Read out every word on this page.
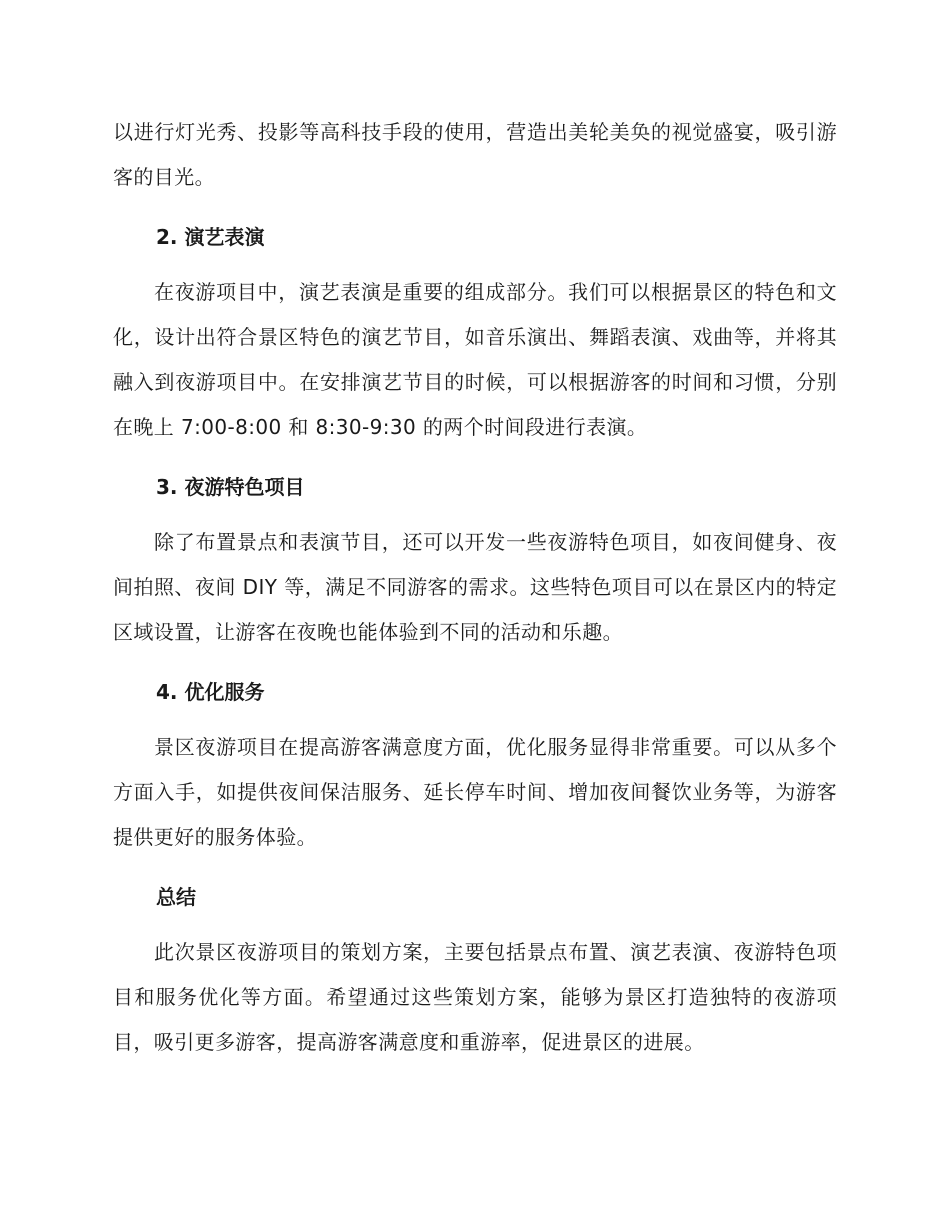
以进行灯光秀、投影等高科技手段的使用，营造出美轮美奂的视觉盛宴，吸引游客的目光。

2. 演艺表演

在夜游项目中，演艺表演是重要的组成部分。我们可以根据景区的特色和文化，设计出符合景区特色的演艺节目，如音乐演出、舞蹈表演、戏曲等，并将其融入到夜游项目中。在安排演艺节目的时候，可以根据游客的时间和习惯，分别在晚上 7:00-8:00 和 8:30-9:30 的两个时间段进行表演。

3. 夜游特色项目

除了布置景点和表演节目，还可以开发一些夜游特色项目，如夜间健身、夜间拍照、夜间 DIY 等，满足不同游客的需求。这些特色项目可以在景区内的特定区域设置，让游客在夜晚也能体验到不同的活动和乐趣。

4. 优化服务

景区夜游项目在提高游客满意度方面，优化服务显得非常重要。可以从多个方面入手，如提供夜间保洁服务、延长停车时间、增加夜间餐饮业务等，为游客提供更好的服务体验。

总结

此次景区夜游项目的策划方案，主要包括景点布置、演艺表演、夜游特色项目和服务优化等方面。希望通过这些策划方案，能够为景区打造独特的夜游项目，吸引更多游客，提高游客满意度和重游率，促进景区的进展。
